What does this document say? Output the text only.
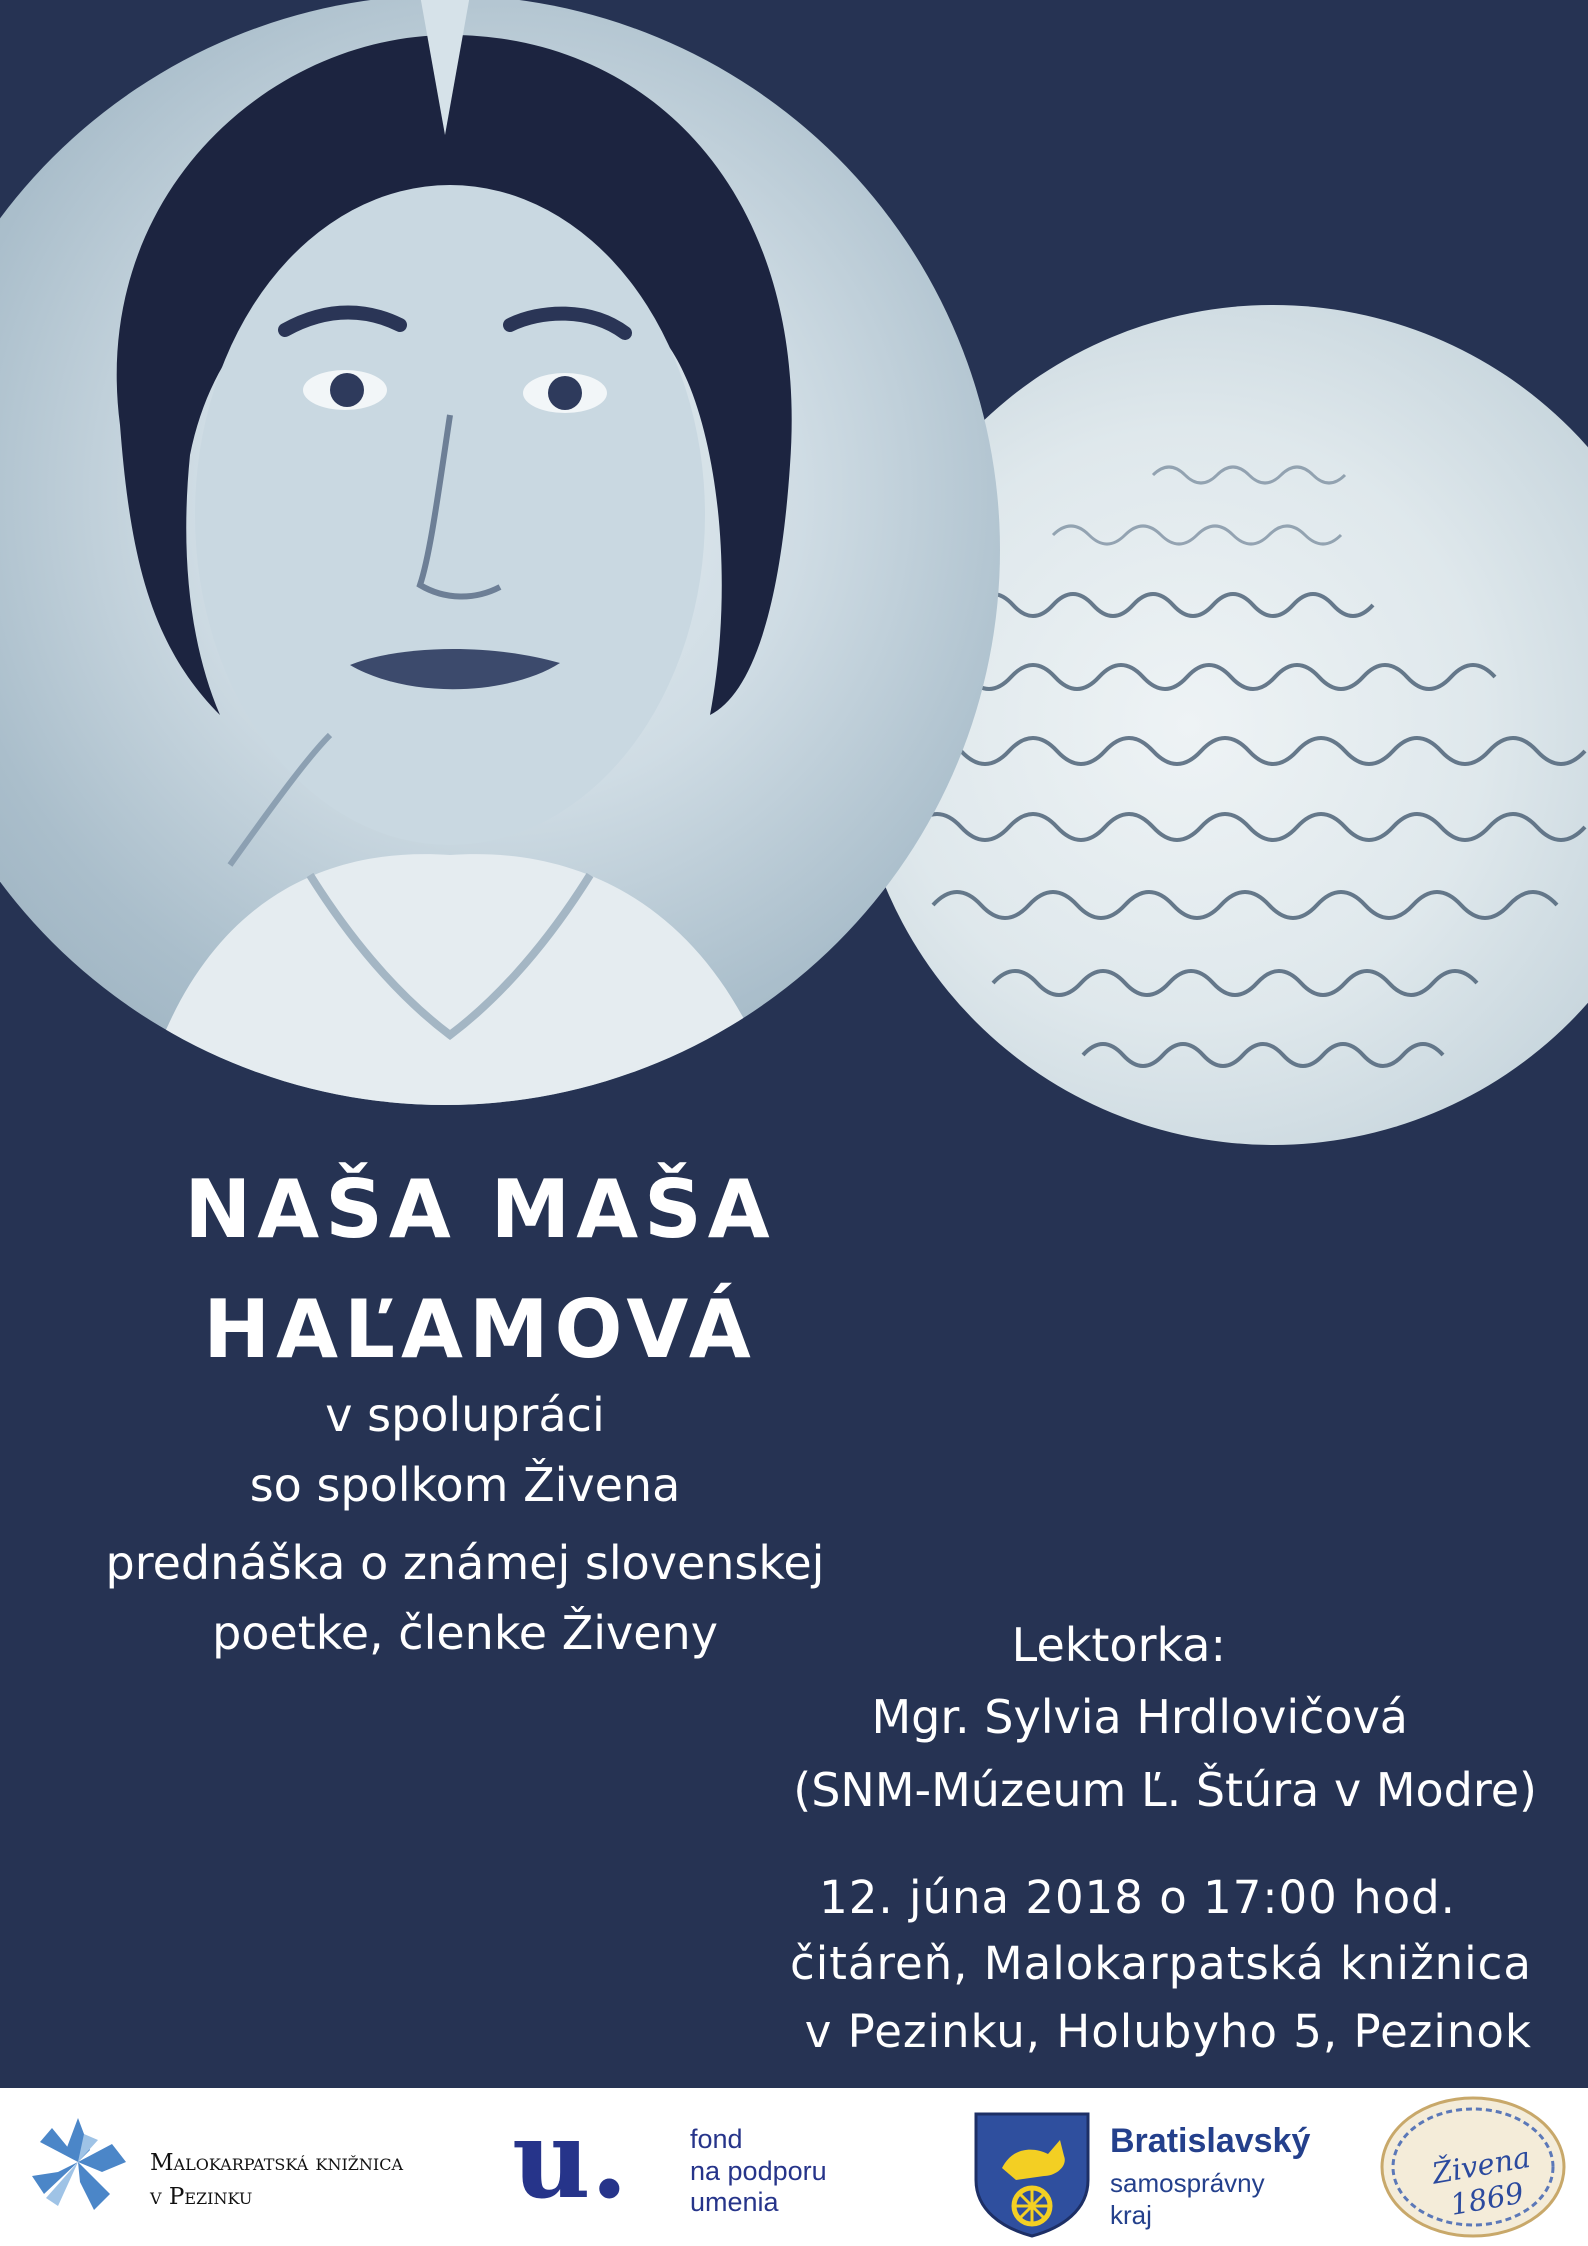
NAŠA MAŠA
HAĽAMOVÁ
v spolupráci
so spolkom Živena
prednáška o známej slovenskej
poetke, členke Živeny	Lektorka:
Mgr. Sylvia Hrdlovičová
(SNM-Múzeum Ľ. Štúra v Modre)
12. júna 2018 o 17:00 hod.
čitáreň, Malokarpatská knižnica
v Pezinku, Holubyho 5, Pezinok
Malokarpatská knižnica
v Pezinku u. fond
na podporu
umenia
Bratislavský
samosprávny
kraj
Živena 1869
